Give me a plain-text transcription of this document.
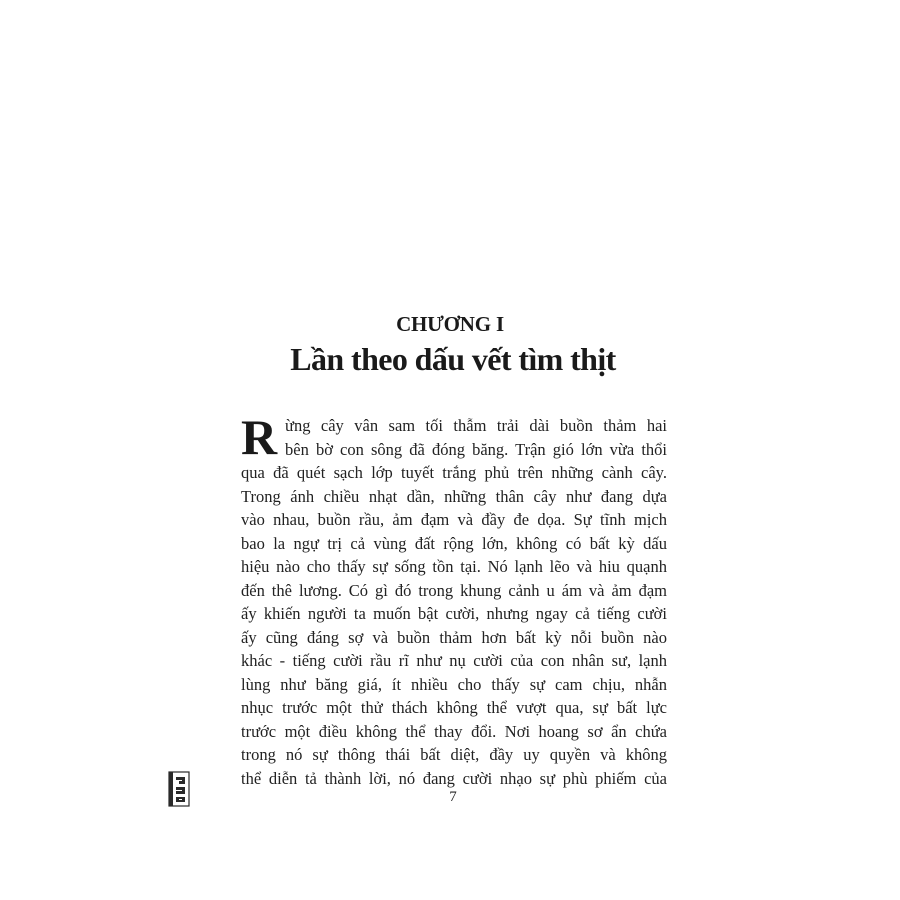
CHƯƠNG I
Lần theo dấu vết tìm thịt
R ừng cây vân sam tối thẫm trải dài buồn thảm hai
bên bờ con sông đã đóng băng. Trận gió lớn vừa thổi
qua đã quét sạch lớp tuyết trắng phủ trên những cành cây.
Trong ánh chiều nhạt dần, những thân cây như đang dựa
vào nhau, buồn rầu, ảm đạm và đầy đe dọa. Sự tĩnh mịch
bao la ngự trị cả vùng đất rộng lớn, không có bất kỳ dấu
hiệu nào cho thấy sự sống tồn tại. Nó lạnh lẽo và hiu quạnh
đến thê lương. Có gì đó trong khung cảnh u ám và ảm đạm
ấy khiến người ta muốn bật cười, nhưng ngay cả tiếng cười
ấy cũng đáng sợ và buồn thảm hơn bất kỳ nỗi buồn nào
khác - tiếng cười rầu rĩ như nụ cười của con nhân sư, lạnh
lùng như băng giá, ít nhiều cho thấy sự cam chịu, nhẫn
nhục trước một thử thách không thể vượt qua, sự bất lực
trước một điều không thể thay đổi. Nơi hoang sơ ẩn chứa
trong nó sự thông thái bất diệt, đầy uy quyền và không
thể diễn tả thành lời, nó đang cười nhạo sự phù phiếm của
7
